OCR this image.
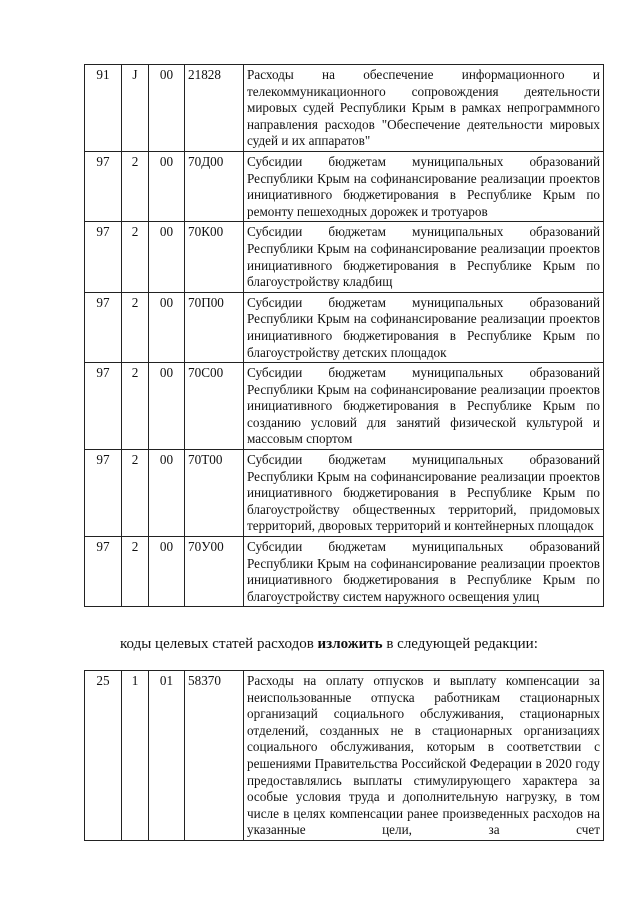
91	J	00	21828	Расходы на обеспечение информационного и телекоммуникационного сопровождения деятельности мировых судей Республики Крым в рамках непрограммного направления расходов "Обеспечение деятельности мировых судей и их аппаратов"
97	2	00	70Д00	Субсидии бюджетам муниципальных образований Республики Крым на софинансирование реализации проектов инициативного бюджетирования в Республике Крым по ремонту пешеходных дорожек и тротуаров
97	2	00	70К00	Субсидии бюджетам муниципальных образований Республики Крым на софинансирование реализации проектов инициативного бюджетирования в Республике Крым по благоустройству кладбищ
97	2	00	70П00	Субсидии бюджетам муниципальных образований Республики Крым на софинансирование реализации проектов инициативного бюджетирования в Республике Крым по благоустройству детских площадок
97	2	00	70С00	Субсидии бюджетам муниципальных образований Республики Крым на софинансирование реализации проектов инициативного бюджетирования в Республике Крым по созданию условий для занятий физической культурой и массовым спортом
97	2	00	70Т00	Субсидии бюджетам муниципальных образований Республики Крым на софинансирование реализации проектов инициативного бюджетирования в Республике Крым по благоустройству общественных территорий, придомовых территорий, дворовых территорий и контейнерных площадок
97	2	00	70У00	Субсидии бюджетам муниципальных образований Республики Крым на софинансирование реализации проектов инициативного бюджетирования в Республике Крым по благоустройству систем наружного освещения улиц
коды целевых статей расходов изложить в следующей редакции:
25	1	01	58370	Расходы на оплату отпусков и выплату компенсации за неиспользованные отпуска работникам стационарных организаций социального обслуживания, стационарных отделений, созданных не в стационарных организациях социального обслуживания, которым в соответствии с решениями Правительства Российской Федерации в 2020 году предоставлялись выплаты стимулирующего характера за особые условия труда и дополнительную нагрузку, в том числе в целях компенсации ранее произведенных расходов на указанные цели, за счет
